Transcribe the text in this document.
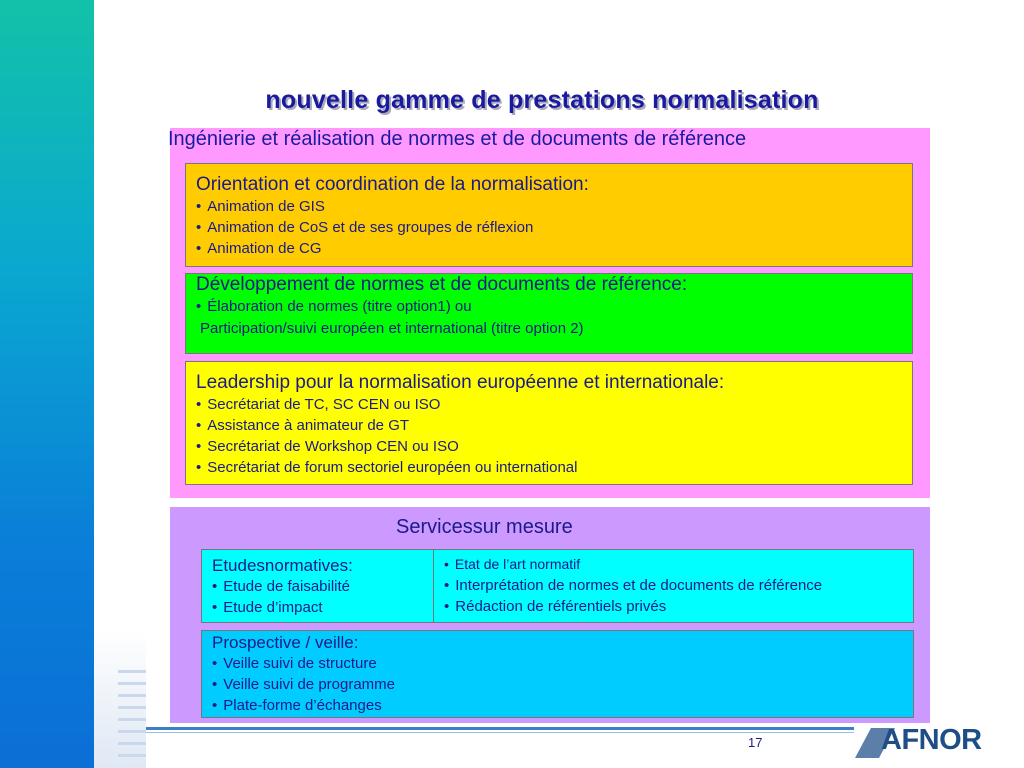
nouvelle gamme de prestations normalisation
Ingénierie et réalisation de normes et de documents de référence
Orientation et coordination de la normalisation:
• Animation de GIS
• Animation de CoS et de ses groupes de réflexion
• Animation de CG
Développement de normes et de documents de référence:
• Élaboration de normes (titre option1) ou
Participation/suivi européen et international (titre option 2)
Leadership pour la normalisation européenne et internationale:
• Secrétariat de TC, SC CEN ou ISO
• Assistance à animateur de GT
• Secrétariat de Workshop CEN ou ISO
• Secrétariat de forum sectoriel européen ou international
Servicessur mesure
Etudesnormatives:
• Etude de faisabilité
• Etude d’impact
• Etat de l’art normatif
• Interprétation de normes et de documents de référence
• Rédaction de référentiels privés
Prospective / veille:
• Veille suivi de structure
• Veille suivi de programme
• Plate-forme d’échanges
17	AFNOR
